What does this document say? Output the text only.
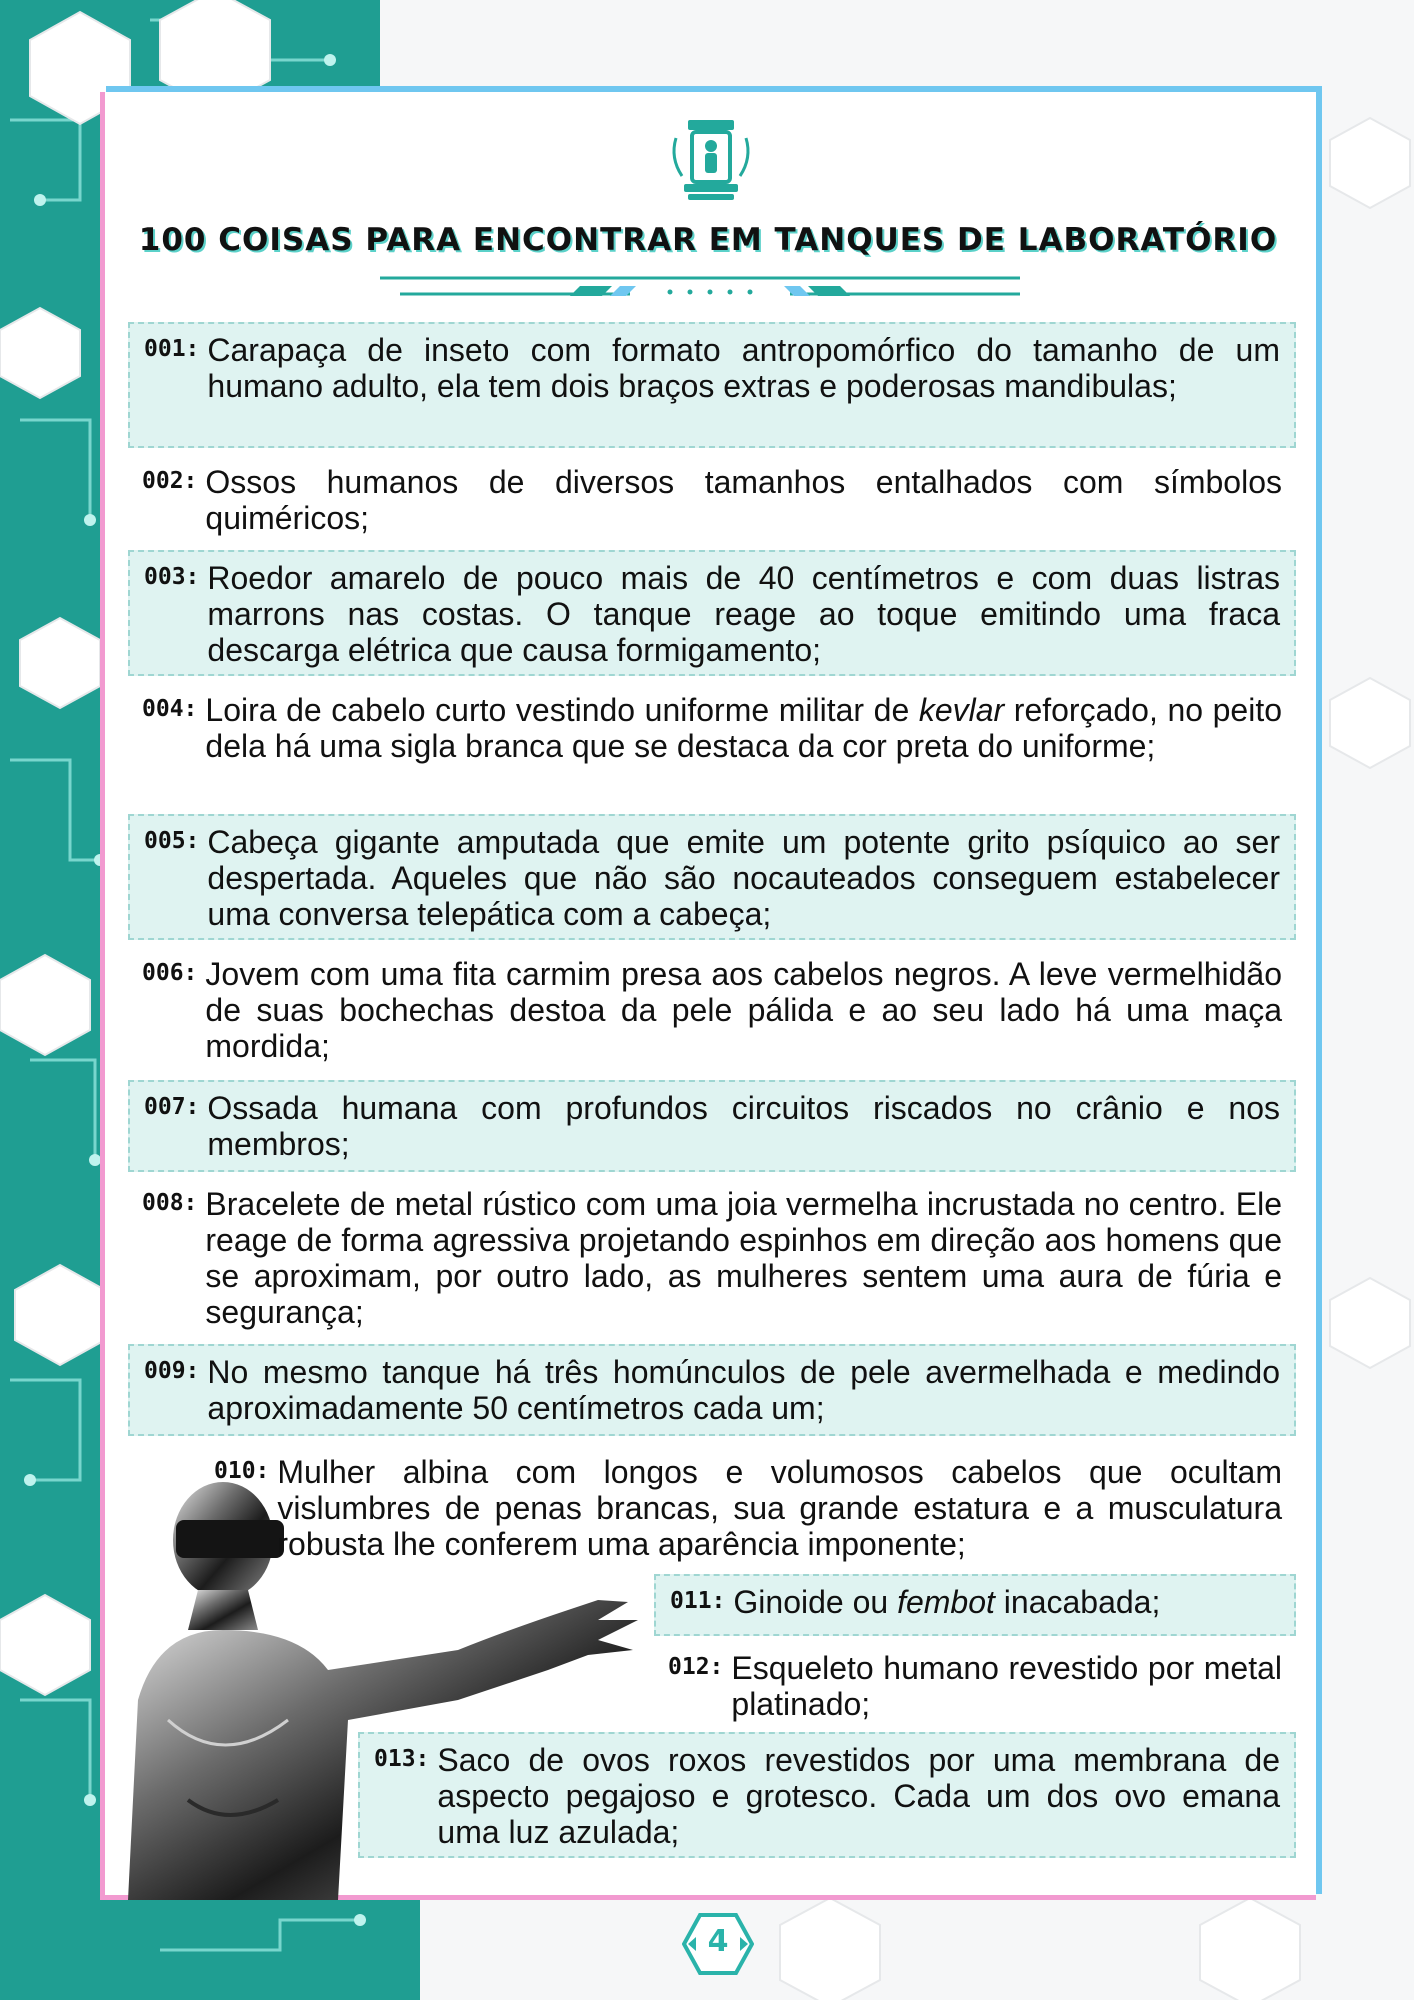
100 COISAS PARA ENCONTRAR EM TANQUES DE LABORATÓRIO
001: Carapaça de inseto com formato antropomórfico do tamanho de um humano adulto, ela tem dois braços extras e poderosas mandibulas;
002: Ossos humanos de diversos tamanhos entalhados com símbolos quiméricos;
003: Roedor amarelo de pouco mais de 40 centímetros e com duas listras marrons nas costas. O tanque reage ao toque emitindo uma fraca descarga elétrica que causa formigamento;
004: Loira de cabelo curto vestindo uniforme militar de kevlar reforçado, no peito dela há uma sigla branca que se destaca da cor preta do uniforme;
005: Cabeça gigante amputada que emite um potente grito psíquico ao ser despertada. Aqueles que não são nocauteados conseguem estabelecer uma conversa telepática com a cabeça;
006: Jovem com uma fita carmim presa aos cabelos negros. A leve vermelhidão de suas bochechas destoa da pele pálida e ao seu lado há uma maça mordida;
007: Ossada humana com profundos circuitos riscados no crânio e nos membros;
008: Bracelete de metal rústico com uma joia vermelha incrustada no centro. Ele reage de forma agressiva projetando espinhos em direção aos homens que se aproximam, por outro lado, as mulheres sentem uma aura de fúria e segurança;
009: No mesmo tanque há três homúnculos de pele avermelhada e medindo aproximadamente 50 centímetros cada um;
010: Mulher albina com longos e volumosos cabelos que ocultam vislumbres de penas brancas, sua grande estatura e a musculatura robusta lhe conferem uma aparência imponente;
011: Ginoide ou fembot inacabada;
012: Esqueleto humano revestido por metal platinado;
013: Saco de ovos roxos revestidos por uma membrana de aspecto pegajoso e grotesco. Cada um dos ovo emana uma luz azulada;
4
